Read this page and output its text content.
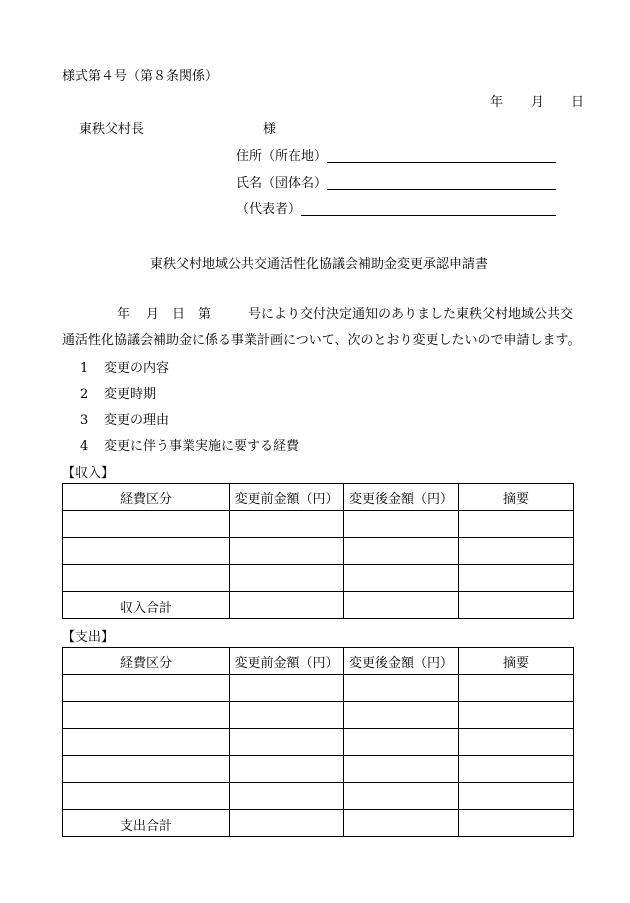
様式第４号（第８条関係）
年 月 日
東秩父村長	様
住所（所在地）
氏名（団体名）
（代表者）
東秩父村地域公共交通活性化協議会補助金変更承認申請書
年 月 日 第	号により交付決定通知のありました東秩父村地域公共交
通活性化協議会補助金に係る事業計画について、次のとおり変更したいので申請します。
1 変更の内容
2 変更時期
3 変更の理由
4 変更に伴う事業実施に要する経費
【収入】
経費区分	変更前金額（円）	変更後金額（円）	摘要

収入合計			
【支出】
経費区分	変更前金額（円）	変更後金額（円）	摘要

支出合計			
